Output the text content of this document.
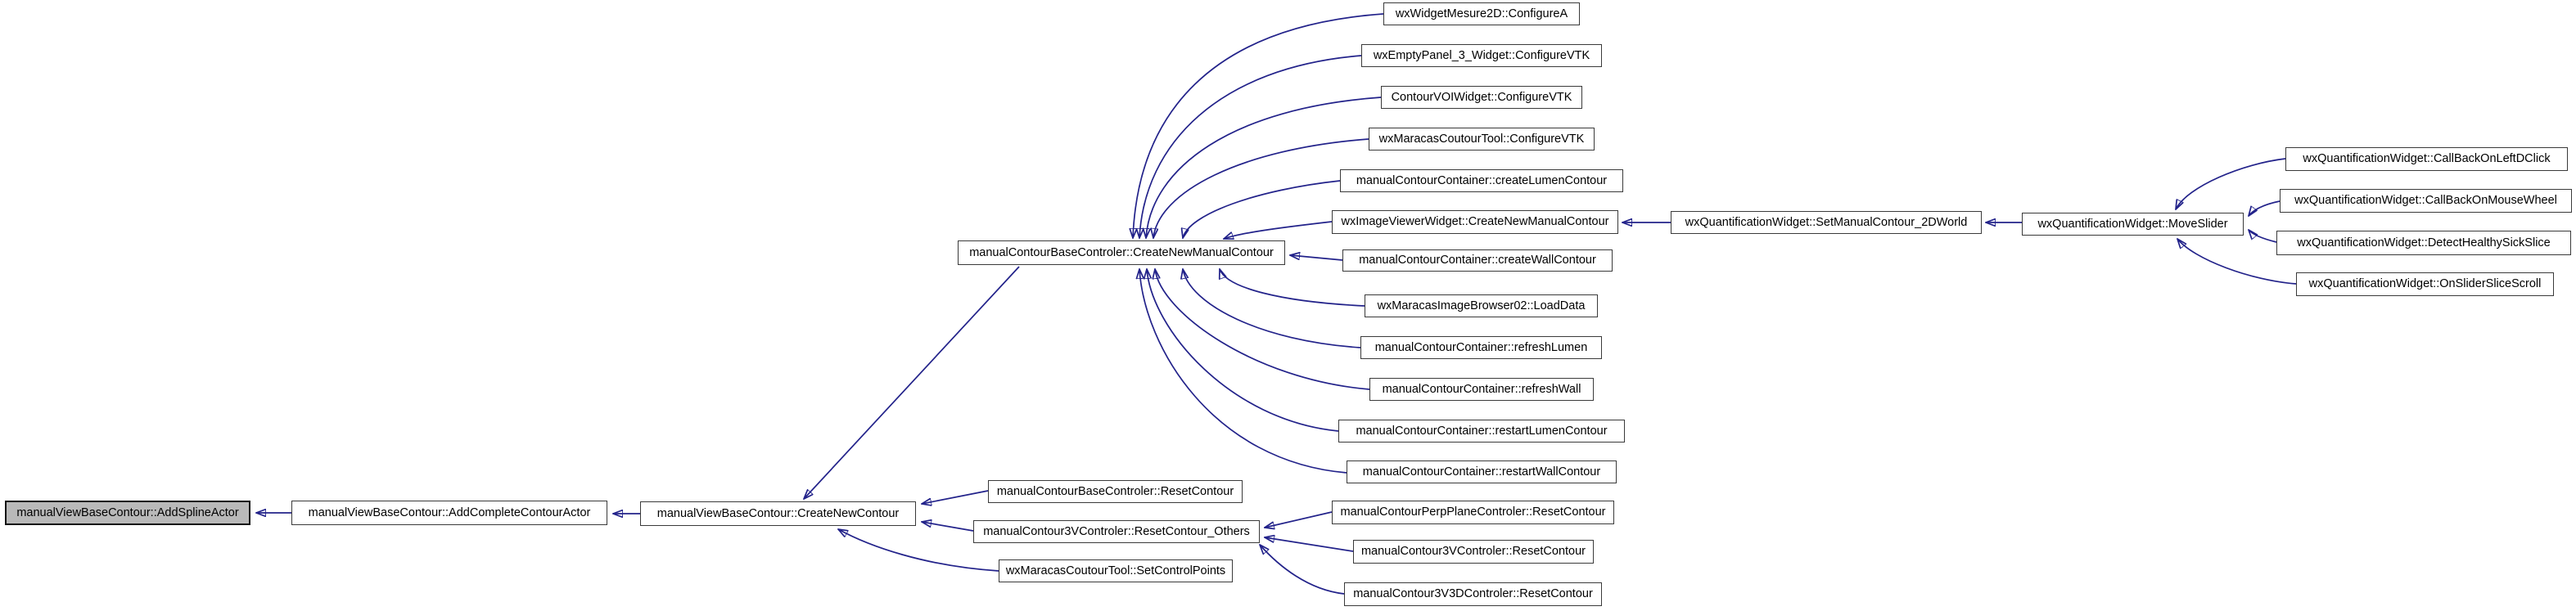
manualViewBaseContour::AddSplineActor	manualViewBaseContour::AddCompleteContourActor	manualViewBaseContour::CreateNewContour
manualContourBaseControler::CreateNewManualContour
wxWidgetMesure2D::ConfigureA
wxEmptyPanel_3_Widget::ConfigureVTK
ContourVOIWidget::ConfigureVTK
wxMaracasCoutourTool::ConfigureVTK
manualContourContainer::createLumenContour
wxImageViewerWidget::CreateNewManualContour
manualContourContainer::createWallContour
wxMaracasImageBrowser02::LoadData
manualContourContainer::refreshLumen
manualContourContainer::refreshWall
manualContourContainer::restartLumenContour
manualContourContainer::restartWallContour
wxQuantificationWidget::SetManualContour_2DWorld	wxQuantificationWidget::MoveSlider
wxQuantificationWidget::CallBackOnLeftDClick
wxQuantificationWidget::CallBackOnMouseWheel
wxQuantificationWidget::DetectHealthySickSlice
wxQuantificationWidget::OnSliderSliceScroll
manualContourBaseControler::ResetContour
manualContour3VControler::ResetContour_Others
wxMaracasCoutourTool::SetControlPoints
manualContourPerpPlaneControler::ResetContour
manualContour3VControler::ResetContour
manualContour3V3DControler::ResetContour
